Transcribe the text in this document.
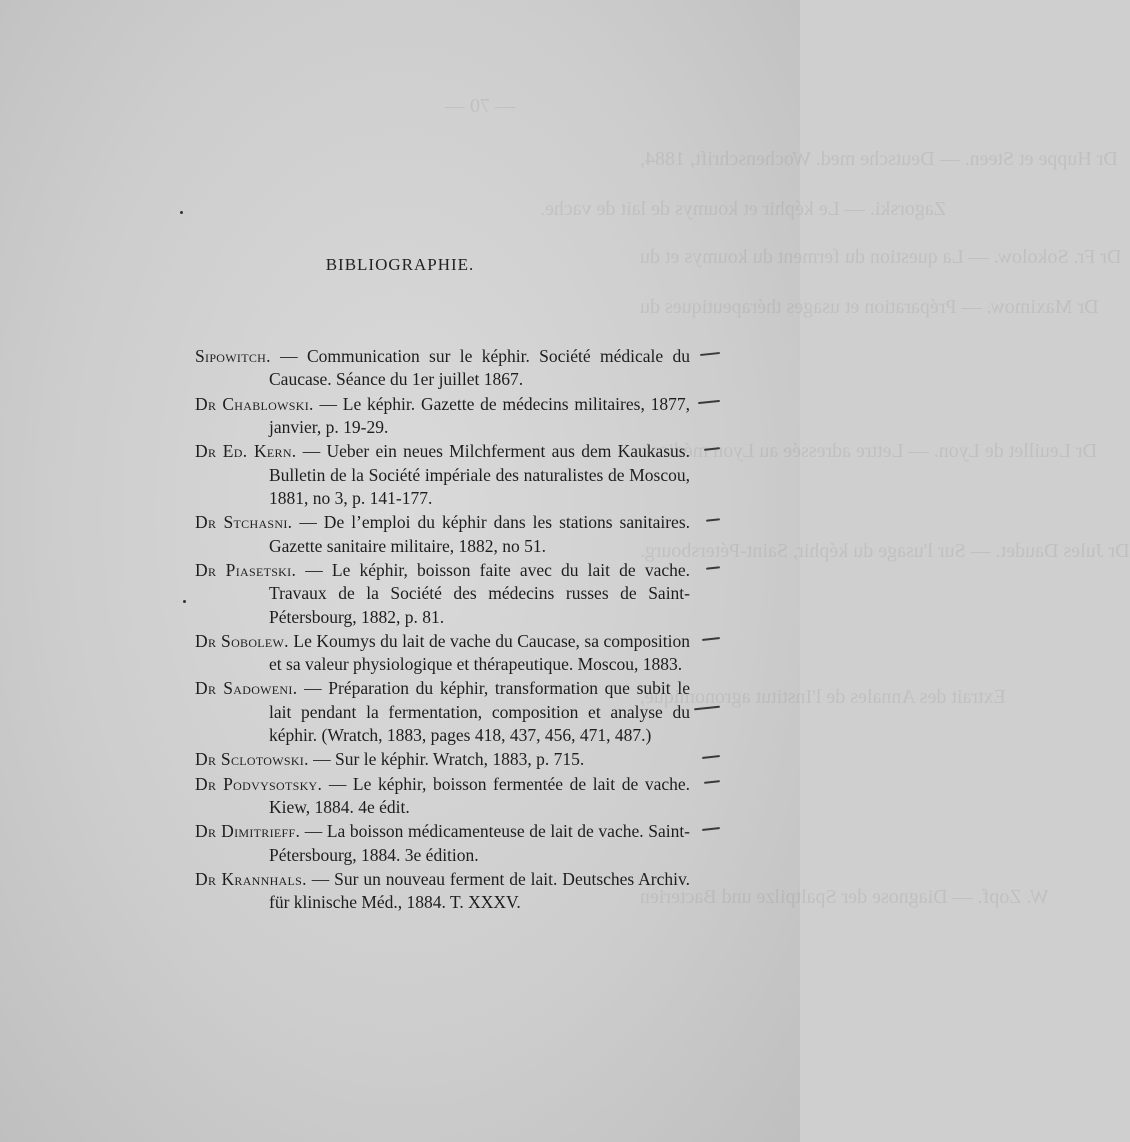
— 70 —
Dr Huppe et Steen. — Deutsche med. Wochenschrift, 1884,
Zagorski. — Le képhir et koumys de lait de vache.
Dr Fr. Sokolow. — La question du ferment du koumys et du
Dr Maximow. — Préparation et usages thérapeutiques du
Dr Leuillet de Lyon. — Lettre adressée au Lyon médical.
Dr Jules Daudet. — Sur l'usage du képhir, Saint-Pétersbourg.
Extrait des Annales de l'Institut agronomique,
W. Zopf. — Diagnose der Spaltpilze und Bacterien
BIBLIOGRAPHIE.
Sipowitch. — Communication sur le képhir. Société médicale du Caucase. Séance du 1er juillet 1867.
Dr Chablowski. — Le képhir. Gazette de médecins militaires, 1877, janvier, p. 19-29.
Dr Ed. Kern. — Ueber ein neues Milchferment aus dem Kaukasus. Bulletin de la Société impériale des naturalistes de Moscou, 1881, no 3, p. 141-177.
Dr Stchasni. — De l’emploi du képhir dans les stations sanitaires. Gazette sanitaire militaire, 1882, no 51.
Dr Piasetski. — Le képhir, boisson faite avec du lait de vache. Travaux de la Société des médecins russes de Saint-Pétersbourg, 1882, p. 81.
Dr Sobolew. Le Koumys du lait de vache du Caucase, sa composition et sa valeur physiologique et thérapeutique. Moscou, 1883.
Dr Sadoweni. — Préparation du képhir, transformation que subit le lait pendant la fermentation, composition et analyse du képhir. (Wratch, 1883, pages 418, 437, 456, 471, 487.)
Dr Sclotowski. — Sur le képhir. Wratch, 1883, p. 715.
Dr Podvysotsky. — Le képhir, boisson fermentée de lait de vache. Kiew, 1884. 4e édit.
Dr Dimitrieff. — La boisson médicamenteuse de lait de vache. Saint-Pétersbourg, 1884. 3e édition.
Dr Krannhals. — Sur un nouveau ferment de lait. Deutsches Archiv. für klinische Méd., 1884. T. XXXV.
